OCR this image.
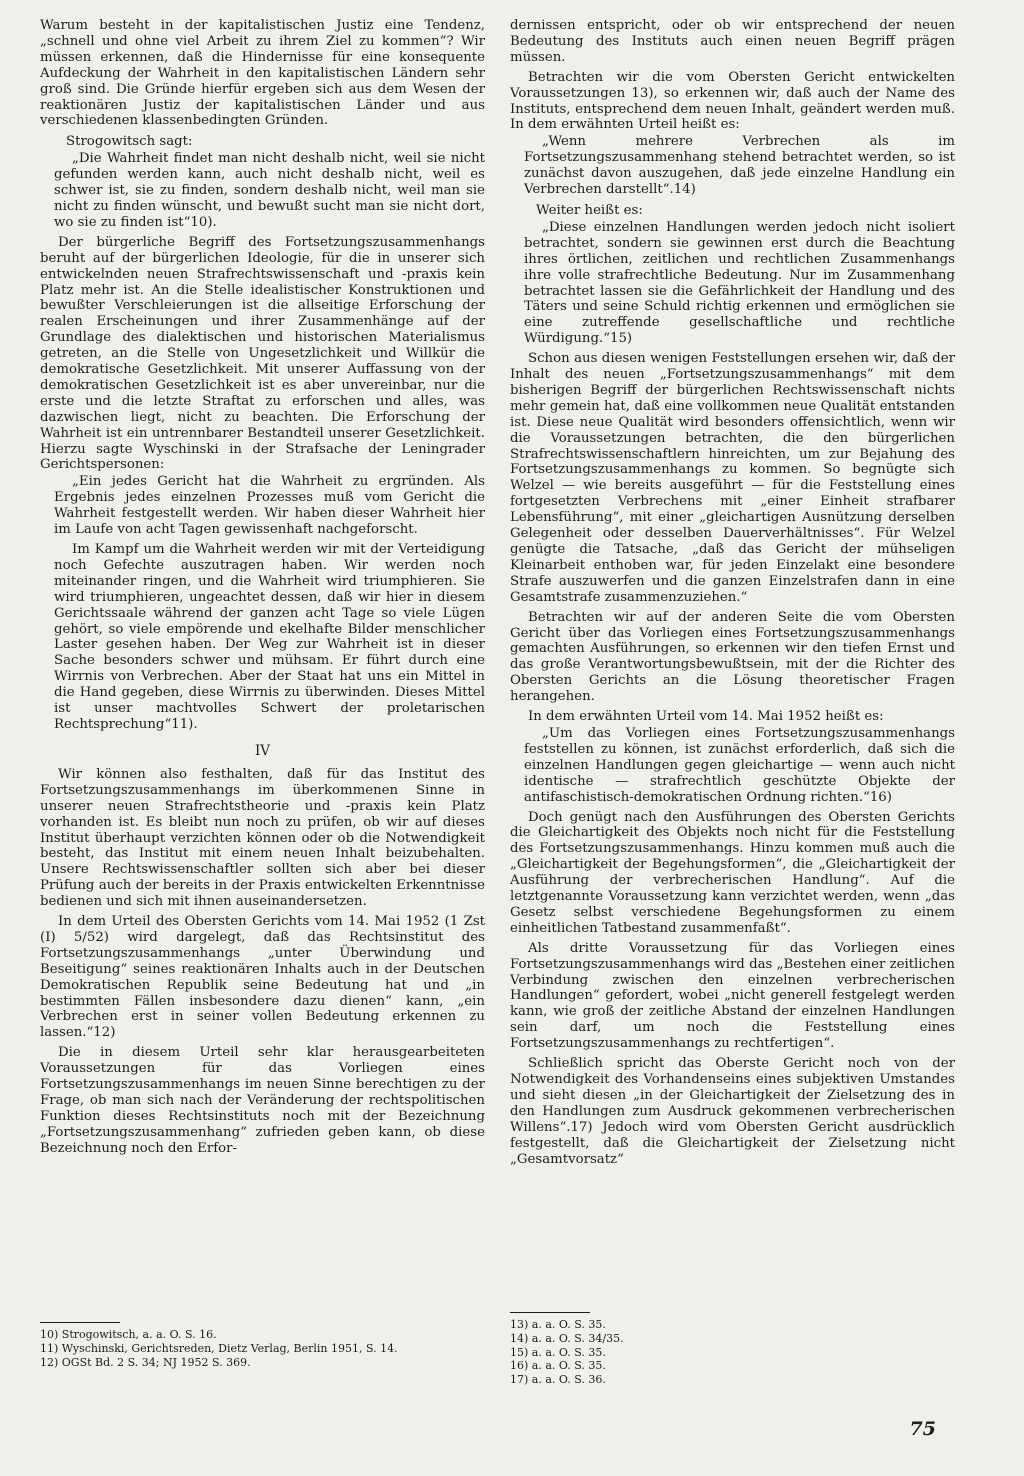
Warum besteht in der kapitalistischen Justiz eine Tendenz, „schnell und ohne viel Arbeit zu ihrem Ziel zu kommen“? Wir müssen erkennen, daß die Hindernisse für eine konsequente Aufdeckung der Wahrheit in den kapitalistischen Ländern sehr groß sind. Die Gründe hierfür ergeben sich aus dem Wesen der reaktionären Justiz der kapitalistischen Länder und aus verschiedenen klassenbedingten Gründen.

Strogowitsch sagt:

„Die Wahrheit findet man nicht deshalb nicht, weil sie nicht gefunden werden kann, auch nicht deshalb nicht, weil es schwer ist, sie zu finden, sondern deshalb nicht, weil man sie nicht zu finden wünscht, und bewußt sucht man sie nicht dort, wo sie zu finden ist“10).

Der bürgerliche Begriff des Fortsetzungszusammenhangs beruht auf der bürgerlichen Ideologie, für die in unserer sich entwickelnden neuen Strafrechtswissenschaft und -praxis kein Platz mehr ist. An die Stelle idealistischer Konstruktionen und bewußter Verschleierungen ist die allseitige Erforschung der realen Erscheinungen und ihrer Zusammenhänge auf der Grundlage des dialektischen und historischen Materialismus getreten, an die Stelle von Ungesetzlichkeit und Willkür die demokratische Gesetzlichkeit. Mit unserer Auffassung von der demokratischen Gesetzlichkeit ist es aber unvereinbar, nur die erste und die letzte Straftat zu erforschen und alles, was dazwischen liegt, nicht zu beachten. Die Erforschung der Wahrheit ist ein untrennbarer Bestandteil unserer Gesetzlichkeit. Hierzu sagte Wyschinski in der Strafsache der Leningrader Gerichtspersonen:

„Ein jedes Gericht hat die Wahrheit zu ergründen. Als Ergebnis jedes einzelnen Prozesses muß vom Gericht die Wahrheit festgestellt werden. Wir haben dieser Wahrheit hier im Laufe von acht Tagen gewissenhaft nachgeforscht.

Im Kampf um die Wahrheit werden wir mit der Verteidigung noch Gefechte auszutragen haben. Wir werden noch miteinander ringen, und die Wahrheit wird triumphieren. Sie wird triumphieren, ungeachtet dessen, daß wir hier in diesem Gerichtssaale während der ganzen acht Tage so viele Lügen gehört, so viele empörende und ekelhafte Bilder menschlicher Laster gesehen haben. Der Weg zur Wahrheit ist in dieser Sache besonders schwer und mühsam. Er führt durch eine Wirrnis von Verbrechen. Aber der Staat hat uns ein Mittel in die Hand gegeben, diese Wirrnis zu überwinden. Dieses Mittel ist unser machtvolles Schwert der proletarischen Rechtsprechung“11).

IV

Wir können also festhalten, daß für das Institut des Fortsetzungszusammenhangs im überkommenen Sinne in unserer neuen Strafrechtstheorie und -praxis kein Platz vorhanden ist. Es bleibt nun noch zu prüfen, ob wir auf dieses Institut überhaupt verzichten können oder ob die Notwendigkeit besteht, das Institut mit einem neuen Inhalt beizubehalten. Unsere Rechtswissenschaftler sollten sich aber bei dieser Prüfung auch der bereits in der Praxis entwickelten Erkenntnisse bedienen und sich mit ihnen auseinandersetzen.

In dem Urteil des Obersten Gerichts vom 14. Mai 1952 (1 Zst (I) 5/52) wird dargelegt, daß das Rechtsinstitut des Fortsetzungszusammenhangs „unter Überwindung und Beseitigung“ seines reaktionären Inhalts auch in der Deutschen Demokratischen Republik seine Bedeutung hat und „in bestimmten Fällen insbesondere dazu dienen“ kann, „ein Verbrechen erst in seiner vollen Bedeutung erkennen zu lassen.“12)

Die in diesem Urteil sehr klar herausgearbeiteten Voraussetzungen für das Vorliegen eines Fortsetzungszusammenhangs im neuen Sinne berechtigen zu der Frage, ob man sich nach der Veränderung der rechtspolitischen Funktion dieses Rechtsinstituts noch mit der Bezeichnung „Fortsetzungszusammenhang“ zufrieden geben kann, ob diese Bezeichnung noch den Erfor-

dernissen entspricht, oder ob wir entsprechend der neuen Bedeutung des Instituts auch einen neuen Begriff prägen müssen.

Betrachten wir die vom Obersten Gericht entwickelten Voraussetzungen 13), so erkennen wir, daß auch der Name des Instituts, entsprechend dem neuen Inhalt, geändert werden muß. In dem erwähnten Urteil heißt es:

„Wenn mehrere Verbrechen als im Fortsetzungszusammenhang stehend betrachtet werden, so ist zunächst davon auszugehen, daß jede einzelne Handlung ein Verbrechen darstellt“.14)

Weiter heißt es:

„Diese einzelnen Handlungen werden jedoch nicht isoliert betrachtet, sondern sie gewinnen erst durch die Beachtung ihres örtlichen, zeitlichen und rechtlichen Zusammenhangs ihre volle strafrechtliche Bedeutung. Nur im Zusammenhang betrachtet lassen sie die Gefährlichkeit der Handlung und des Täters und seine Schuld richtig erkennen und ermöglichen sie eine zutreffende gesellschaftliche und rechtliche Würdigung.“15)

Schon aus diesen wenigen Feststellungen ersehen wir, daß der Inhalt des neuen „Fortsetzungszusammenhangs“ mit dem bisherigen Begriff der bürgerlichen Rechtswissenschaft nichts mehr gemein hat, daß eine vollkommen neue Qualität entstanden ist. Diese neue Qualität wird besonders offensichtlich, wenn wir die Voraussetzungen betrachten, die den bürgerlichen Strafrechtswissenschaftlern hinreichten, um zur Bejahung des Fortsetzungszusammenhangs zu kommen. So begnügte sich Welzel — wie bereits ausgeführt — für die Feststellung eines fortgesetzten Verbrechens mit „einer Einheit strafbarer Lebensführung“, mit einer „gleichartigen Ausnützung derselben Gelegenheit oder desselben Dauerverhältnisses“. Für Welzel genügte die Tatsache, „daß das Gericht der mühseligen Kleinarbeit enthoben war, für jeden Einzelakt eine besondere Strafe auszuwerfen und die ganzen Einzelstrafen dann in eine Gesamtstrafe zusammenzuziehen.“

Betrachten wir auf der anderen Seite die vom Obersten Gericht über das Vorliegen eines Fortsetzungszusammenhangs gemachten Ausführungen, so erkennen wir den tiefen Ernst und das große Verantwortungsbewußtsein, mit der die Richter des Obersten Gerichts an die Lösung theoretischer Fragen herangehen.

In dem erwähnten Urteil vom 14. Mai 1952 heißt es:

„Um das Vorliegen eines Fortsetzungszusammenhangs feststellen zu können, ist zunächst erforderlich, daß sich die einzelnen Handlungen gegen gleichartige — wenn auch nicht identische — strafrechtlich geschützte Objekte der antifaschistisch-demokratischen Ordnung richten.“16)

Doch genügt nach den Ausführungen des Obersten Gerichts die Gleichartigkeit des Objekts noch nicht für die Feststellung des Fortsetzungszusammenhangs. Hinzu kommen muß auch die „Gleichartigkeit der Begehungsformen“, die „Gleichartigkeit der Ausführung der verbrecherischen Handlung“. Auf die letztgenannte Voraussetzung kann verzichtet werden, wenn „das Gesetz selbst verschiedene Begehungsformen zu einem einheitlichen Tatbestand zusammenfaßt“.

Als dritte Voraussetzung für das Vorliegen eines Fortsetzungszusammenhangs wird das „Bestehen einer zeitlichen Verbindung zwischen den einzelnen verbrecherischen Handlungen“ gefordert, wobei „nicht generell festgelegt werden kann, wie groß der zeitliche Abstand der einzelnen Handlungen sein darf, um noch die Feststellung eines Fortsetzungszusammenhangs zu rechtfertigen“.

Schließlich spricht das Oberste Gericht noch von der Notwendigkeit des Vorhandenseins eines subjektiven Umstandes und sieht diesen „in der Gleichartigkeit der Zielsetzung des in den Handlungen zum Ausdruck gekommenen verbrecherischen Willens“.17) Jedoch wird vom Obersten Gericht ausdrücklich festgestellt, daß die Gleichartigkeit der Zielsetzung nicht „Gesamtvorsatz“

10) Strogowitsch, a. a. O. S. 16.

11) Wyschinski, Gerichtsreden, Dietz Verlag, Berlin 1951, S. 14.

12) OGSt Bd. 2 S. 34; NJ 1952 S. 369.

13) a. a. O. S. 35.

14) a. a. O. S. 34/35.

15) a. a. O. S. 35.

16) a. a. O. S. 35.

17) a. a. O. S. 36.

75
